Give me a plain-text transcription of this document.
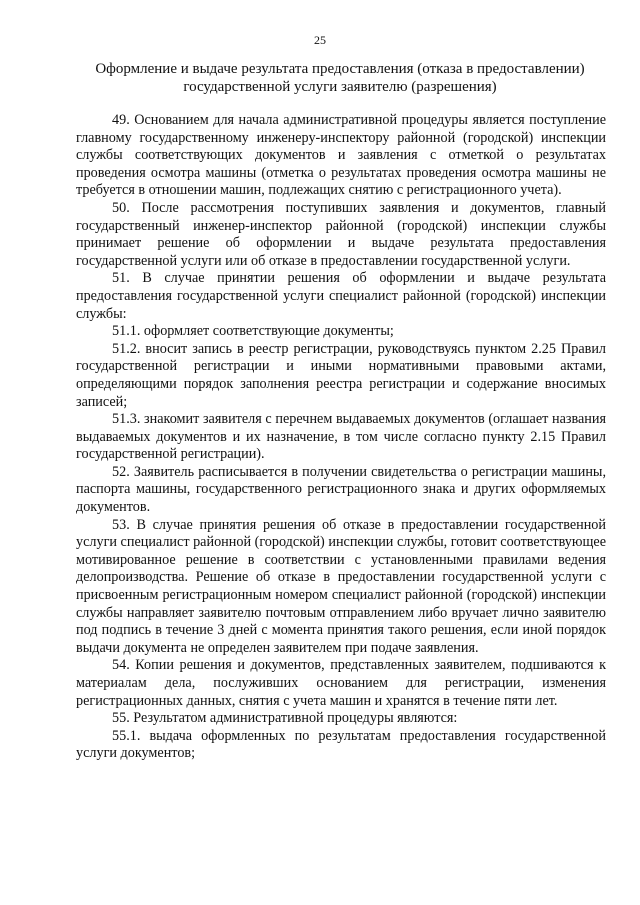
25
Оформление и выдаче результата предоставления (отказа в предоставлении) государственной услуги заявителю (разрешения)

49. Основанием для начала административной процедуры является поступление главному государственному инженеру-инспектору районной (городской) инспекции службы соответствующих документов и заявления с отметкой о результатах проведения осмотра машины (отметка о результатах проведения осмотра машины не требуется в отношении машин, подлежащих снятию с регистрационного учета).

50. После рассмотрения поступивших заявления и документов, главный государственный инженер-инспектор районной (городской) инспекции службы принимает решение об оформлении и выдаче результата предоставления государственной услуги или об отказе в предоставлении государственной услуги.

51. В случае принятии решения об оформлении и выдаче результата предоставления государственной услуги специалист районной (городской) инспекции службы:

51.1. оформляет соответствующие документы;

51.2. вносит запись в реестр регистрации, руководствуясь пунктом 2.25 Правил государственной регистрации и иными нормативными правовыми актами, определяющими порядок заполнения реестра регистрации и содержание вносимых записей;

51.3. знакомит заявителя с перечнем выдаваемых документов (оглашает названия выдаваемых документов и их назначение, в том числе согласно пункту 2.15 Правил государственной регистрации).

52. Заявитель расписывается в получении свидетельства о регистрации машины, паспорта машины, государственного регистрационного знака и других оформляемых документов.

53. В случае принятия решения об отказе в предоставлении государственной услуги специалист районной (городской) инспекции службы, готовит соответствующее мотивированное решение в соответствии с установленными правилами ведения делопроизводства. Решение об отказе в предоставлении государственной услуги с присвоенным регистрационным номером специалист районной (городской) инспекции службы направляет заявителю почтовым отправлением либо вручает лично заявителю под подпись в течение 3 дней с момента принятия такого решения, если иной порядок выдачи документа не определен заявителем при подаче заявления.

54. Копии решения и документов, представленных заявителем, подшиваются к материалам дела, послуживших основанием для регистрации, изменения регистрационных данных, снятия с учета машин и хранятся в течение пяти лет.

55. Результатом административной процедуры являются:

55.1. выдача оформленных по результатам предоставления государственной услуги документов;
